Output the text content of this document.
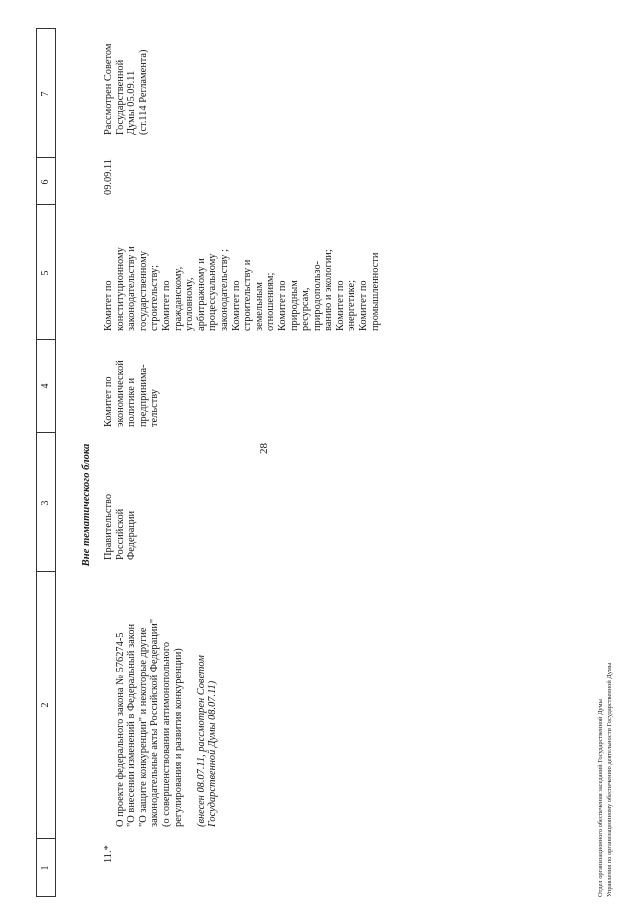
28
1
2
3
4
5
6
7
Вне тематического блока
11.*

О проекте федерального закона № 576274-5
"О внесении изменений в Федеральный закон
"О защите конкуренции" и некоторые другие
законодательные акты Российской Федерации"
(о совершенствовании антимонопольного
регулирования и развития конкуренции)

(внесен 08.07.11, рассмотрен Советом
Государственной Думы 08.07.11)

Правительство
Российской
Федерации
Комитет по
экономической
политике и
предпринима-
тельству
Комитет по
конституционному
законодательству и
государственному
строительству;
Комитет по
гражданскому,
уголовному,
арбитражному и
процессуальному
законодательству ;
Комитет по
строительству и
земельным
отношениям;
Комитет по
природным
ресурсам,
природопользо-
ванию и экологии;
Комитет по
энергетике;
Комитет по
промышленности
09.09.11
Рассмотрен Советом
Государственной
Думы 05.09.11
(ст.114 Регламента)
Отдел организационного обеспечения заседаний Государственной Думы Управления по организационному обеспечению деятельности Государственной Думы
